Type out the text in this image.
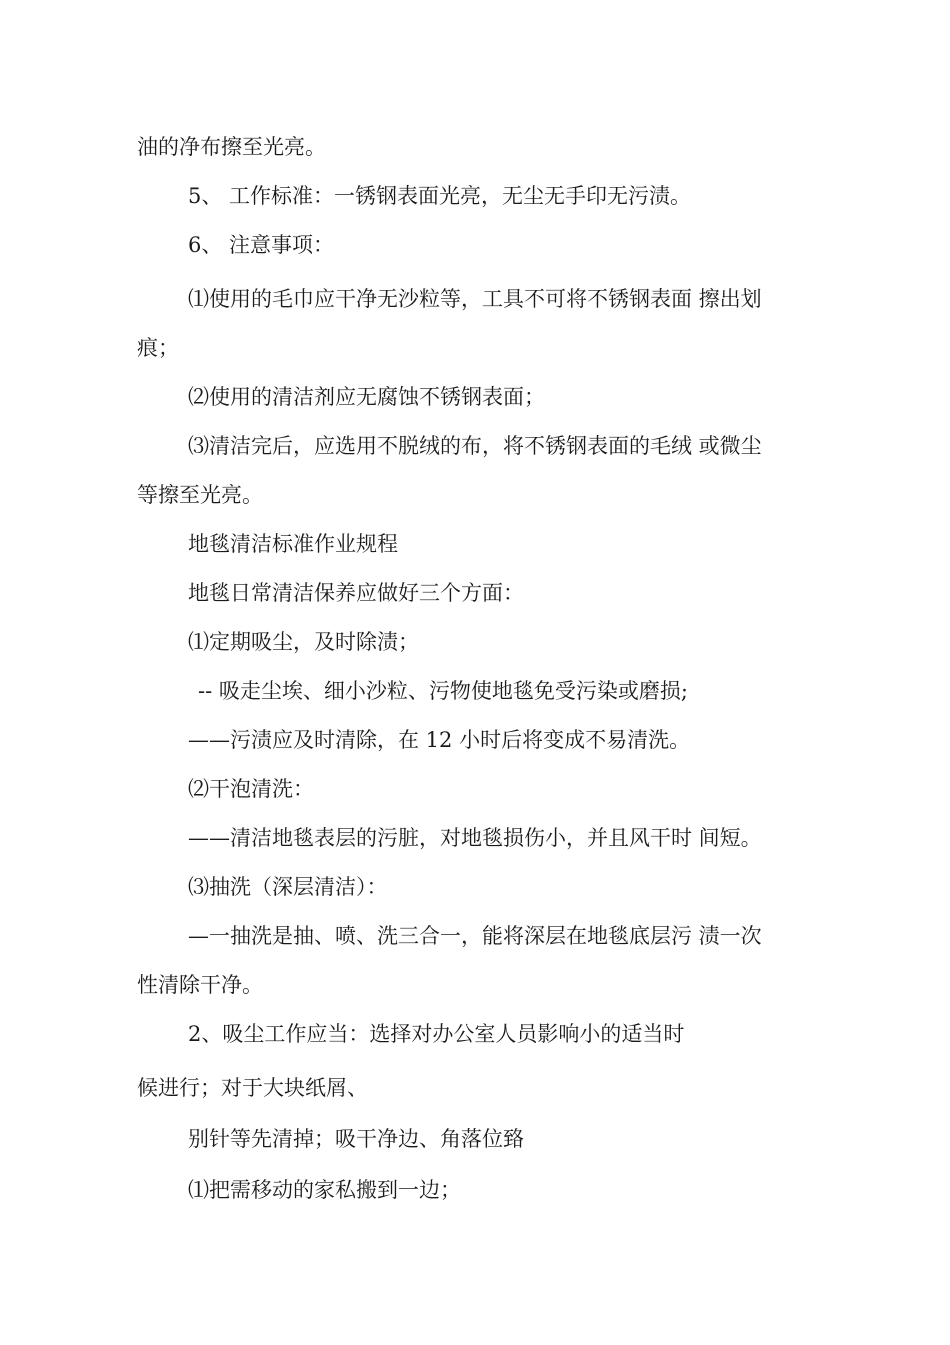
油的净布擦至光亮。
5、 工作标准：一锈钢表面光亮，无尘无手印无污渍。
6、 注意事项：
⑴使用的毛巾应干净无沙粒等，工具不可将不锈钢表面 擦出划
痕；
⑵使用的清洁剂应无腐蚀不锈钢表面；
⑶清洁完后，应选用不脱绒的布，将不锈钢表面的毛绒 或微尘
等擦至光亮。
地毯清洁标准作业规程
地毯日常清洁保养应做好三个方面：
⑴定期吸尘，及时除渍；
-- 吸走尘埃、细小沙粒、污物使地毯免受污染或磨损;
——污渍应及时清除，在 12 小时后将变成不易清洗。
⑵干泡清洗：
——清洁地毯表层的污脏，对地毯损伤小，并且风干时 间短。
⑶抽洗（深层清洁）：
—一抽洗是抽、喷、洗三合一，能将深层在地毯底层污 渍一次
性清除干净。
2、吸尘工作应当：选择对办公室人员影响小的适当时
候进行；对于大块纸屑、
别针等先清掉；吸干净边、角落位臵
⑴把需移动的家私搬到一边；
